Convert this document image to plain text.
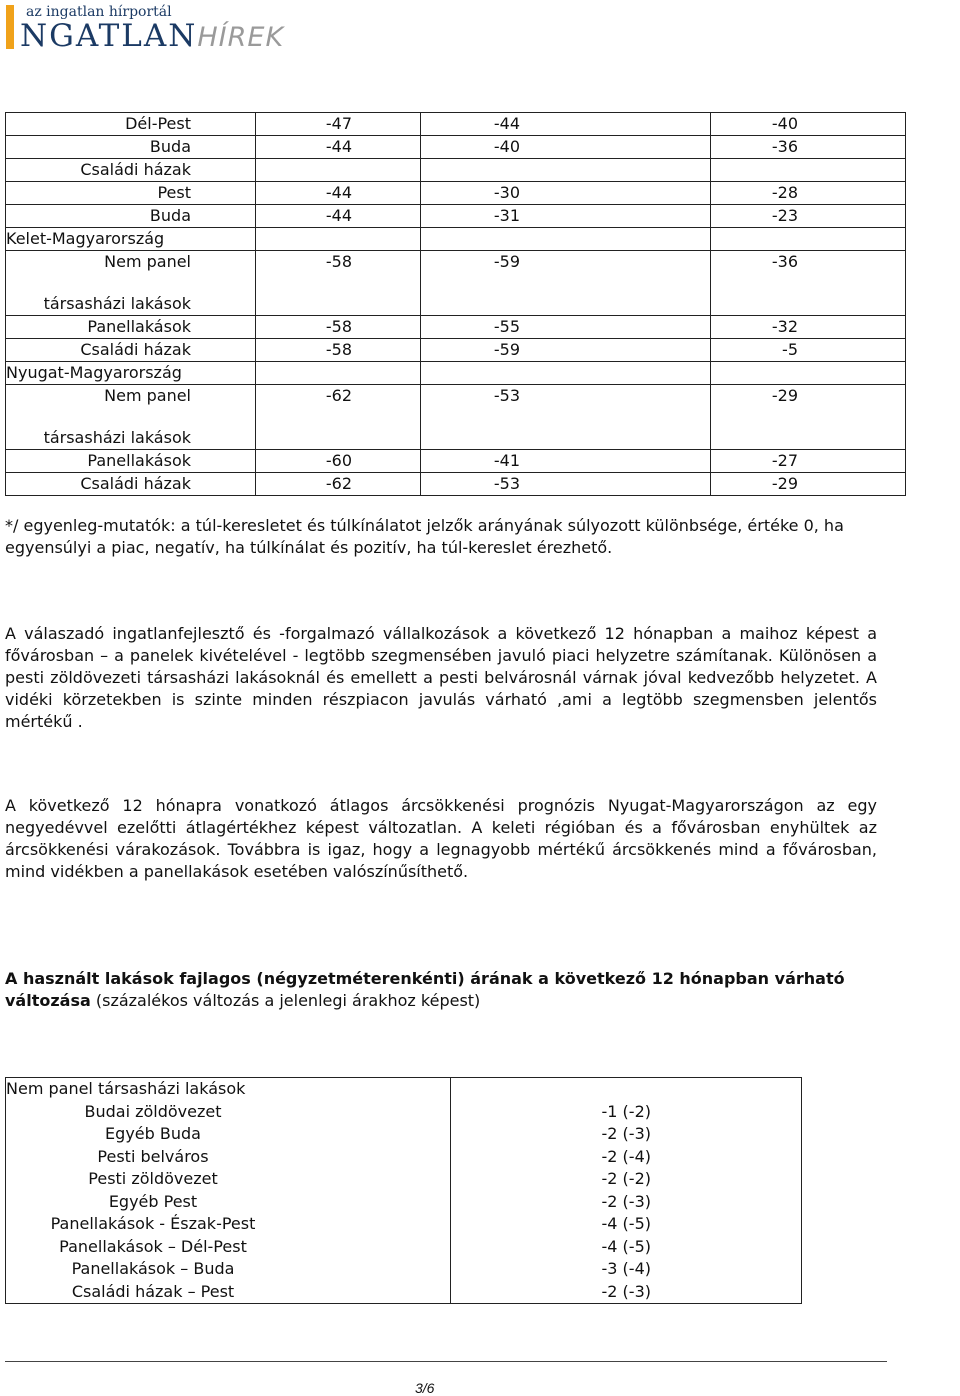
az ingatlan hírportál
NGATLANHÍREK
Dél-Pest	-47	-44	-40
Buda	-44	-40	-36
Családi házak			
Pest	-44	-30	-28
Buda	-44	-31	-23
Kelet-Magyarország			
Nem panel	-58	-59	-36
társasházi lakások			
Panellakások	-58	-55	-32
Családi házak	-58	-59	-5
Nyugat-Magyarország			
Nem panel	-62	-53	-29
társasházi lakások			
Panellakások	-60	-41	-27
Családi házak	-62	-53	-29

*/ egyenleg-mutatók: a túl-keresletet és túlkínálatot jelzők arányának súlyozott különbsége, értéke 0, ha egyensúlyi a piac, negatív, ha túlkínálat és pozitív, ha túl-kereslet érezhető.

A válaszadó ingatlanfejlesztő és -forgalmazó vállalkozások a következő 12 hónapban a maihoz képest a fővárosban – a panelek kivételével - legtöbb szegmensében javuló piaci helyzetre számítanak. Különösen a pesti zöldövezeti társasházi lakásoknál és emellett a pesti belvárosnál várnak jóval kedvezőbb helyzetet. A vidéki körzetekben is szinte minden részpiacon javulás várható ,ami a legtöbb szegmensben jelentős mértékű .

A következő 12 hónapra vonatkozó átlagos árcsökkenési prognózis Nyugat-Magyarországon az egy negyedévvel ezelőtti átlagértékhez képest változatlan. A keleti régióban és a fővárosban enyhültek az árcsökkenési várakozások. Továbbra is igaz, hogy a legnagyobb mértékű árcsökkenés mind a fővárosban, mind vidékben a panellakások esetében valószínűsíthető.

A használt lakások fajlagos (négyzetméterenkénti) árának a következő 12 hónapban várható változása (százalékos változás a jelenlegi árakhoz képest)

Nem panel társasházi lakások	
Budai zöldövezet	-1 (-2)
Egyéb Buda	-2 (-3)
Pesti belváros	-2 (-4)
Pesti zöldövezet	-2 (-2)
Egyéb Pest	-2 (-3)
Panellakások - Észak-Pest	-4 (-5)
Panellakások – Dél-Pest	-4 (-5)
Panellakások – Buda	-3 (-4)
Családi házak – Pest	-2 (-3)
3/6
